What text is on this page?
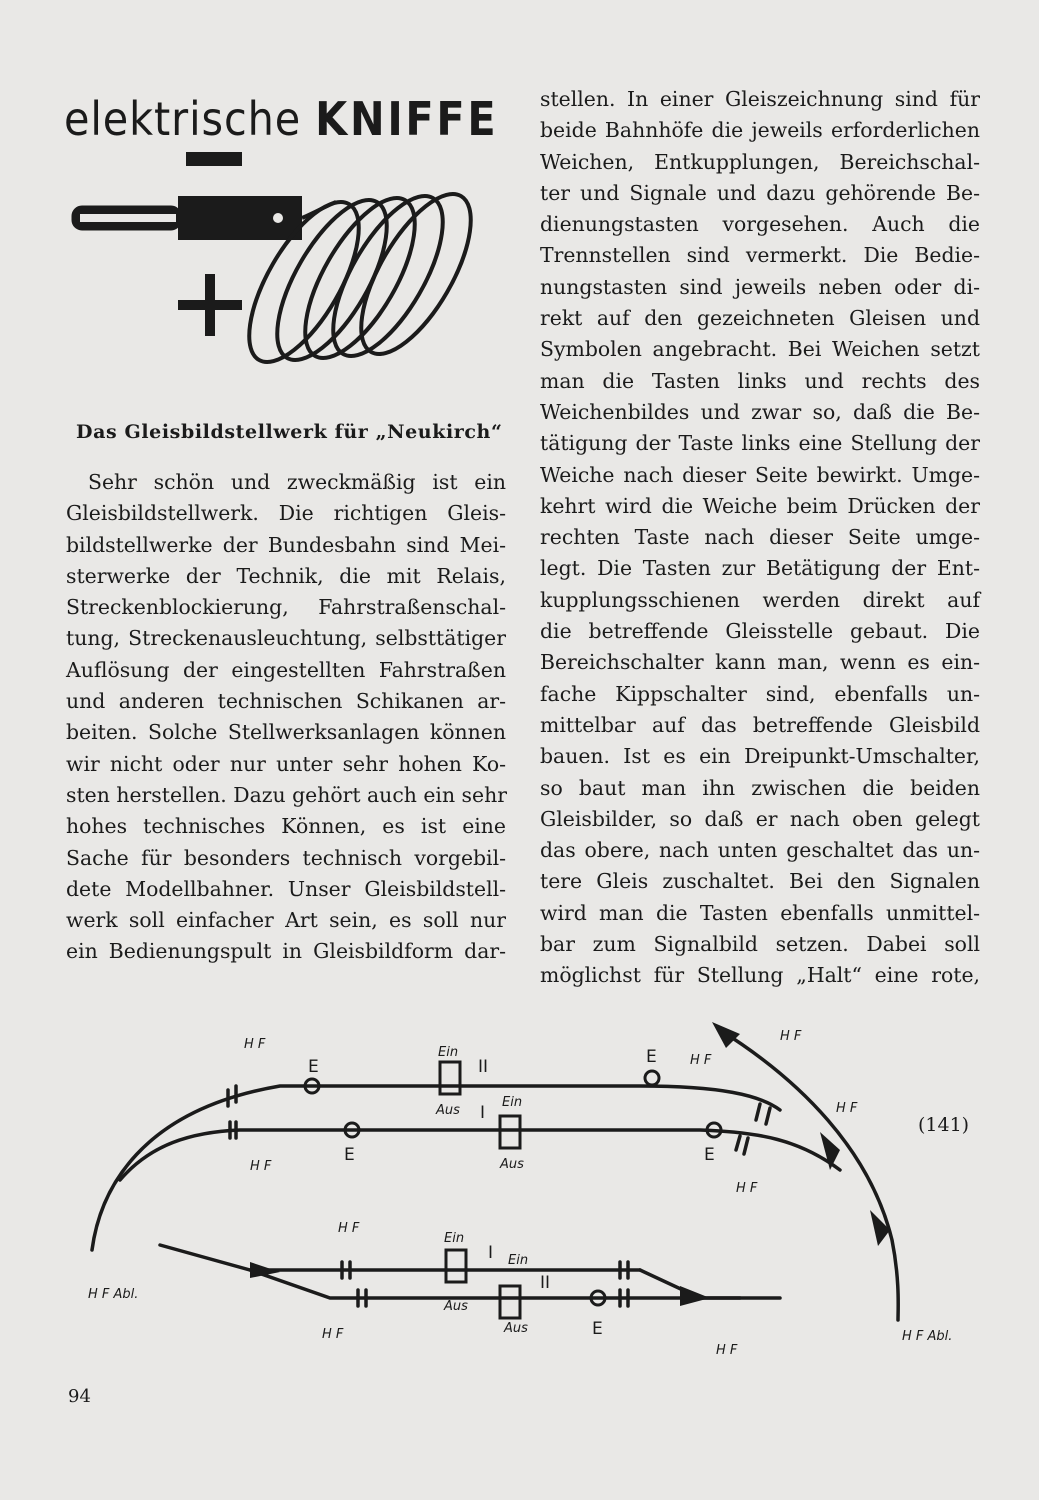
elektrische KNIFFE
Das Gleisbildstellwerk für „Neukirch“
Sehr schön und zweckmäßig ist ein
Gleisbildstellwerk. Die richtigen Gleis-
bildstellwerke der Bundesbahn sind Mei-
sterwerke der Technik, die mit Relais,
Streckenblockierung, Fahrstraßenschal-
tung, Streckenausleuchtung, selbsttätiger
Auflösung der eingestellten Fahrstraßen
und anderen technischen Schikanen ar-
beiten. Solche Stellwerksanlagen können
wir nicht oder nur unter sehr hohen Ko-
sten herstellen. Dazu gehört auch ein sehr
hohes technisches Können, es ist eine
Sache für besonders technisch vorgebil-
dete Modellbahner. Unser Gleisbildstell-
werk soll einfacher Art sein, es soll nur
ein Bedienungspult in Gleisbildform dar-
stellen. In einer Gleiszeichnung sind für
beide Bahnhöfe die jeweils erforderlichen
Weichen, Entkupplungen, Bereichschal-
ter und Signale und dazu gehörende Be-
dienungstasten vorgesehen. Auch die
Trennstellen sind vermerkt. Die Bedie-
nungstasten sind jeweils neben oder di-
rekt auf den gezeichneten Gleisen und
Symbolen angebracht. Bei Weichen setzt
man die Tasten links und rechts des
Weichenbildes und zwar so, daß die Be-
tätigung der Taste links eine Stellung der
Weiche nach dieser Seite bewirkt. Umge-
kehrt wird die Weiche beim Drücken der
rechten Taste nach dieser Seite umge-
legt. Die Tasten zur Betätigung der Ent-
kupplungsschienen werden direkt auf
die betreffende Gleisstelle gebaut. Die
Bereichschalter kann man, wenn es ein-
fache Kippschalter sind, ebenfalls un-
mittelbar auf das betreffende Gleisbild
bauen. Ist es ein Dreipunkt-Umschalter,
so baut man ihn zwischen die beiden
Gleisbilder, so daß er nach oben gelegt
das obere, nach unten geschaltet das un-
tere Gleis zuschaltet. Bei den Signalen
wird man die Tasten ebenfalls unmittel-
bar zum Signalbild setzen. Dabei soll
möglichst für Stellung „Halt“ eine rote,
H F
H F
H F
H F
H F
H F
H F
H F
H F
H F Abl.
H F Abl.
Ein
Ein
Ein
Ein
Aus
Aus
Aus
Aus
E
E
E
E
E
II
I
I
II
(141)
94
